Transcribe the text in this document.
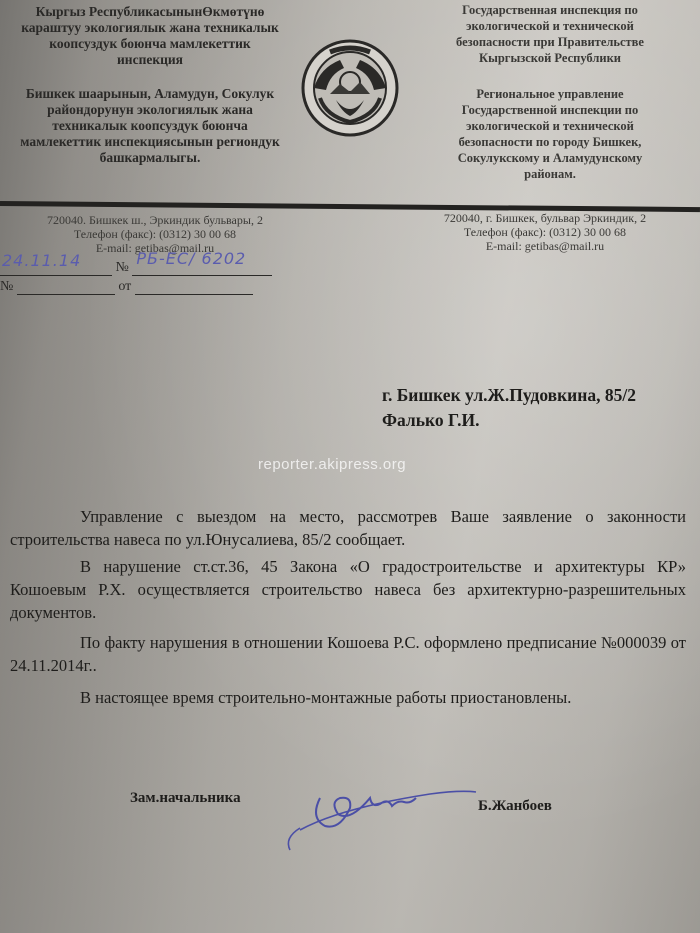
Кыргыз РеспубликасынынӨкмөтүнө
караштуу экологиялык жана техникалык
коопсуздук боюнча мамлекеттик
инспекция
Бишкек шаарынын, Аламудун, Сокулук
райондорунун экологиялык жана
техникалык коопсуздук боюнча
мамлекеттик инспекциясынын региондук
башкармалыгы.
Государственная инспекция по
экологической и технической
безопасности при Правительстве
Кыргызской Республики
Региональное управление
Государственной инспекции по
экологической и технической
безопасности по городу Бишкек,
Сокулукскому и Аламудунскому
районам.
720040. Бишкек ш., Эркиндик бульвары, 2
Телефон (факс): (0312) 30 00 68
E-mail: getibas@mail.ru
720040, г. Бишкек, бульвар Эркиндик, 2
Телефон (факс): (0312) 30 00 68
E-mail: getibas@mail.ru
24.11.14 № РБ-ЕС/ 6202
№	от
г. Бишкек ул.Ж.Пудовкина, 85/2
Фалько Г.И.
reporter.akipress.org

Управление с выездом на место, рассмотрев Ваше заявление о законности строительства навеса по ул.Юнусалиева, 85/2 сообщает.

В нарушение ст.ст.36, 45 Закона «О градостроительстве и архитектуры КР» Кошоевым Р.Х. осуществляется строительство навеса без архитектурно-разрешительных документов.

По факту нарушения в отношении Кошоева Р.С. оформлено предписание №000039 от 24.11.2014г..

В настоящее время строительно-монтажные работы приостановлены.

Зам.начальника	Б.Жанбоев
